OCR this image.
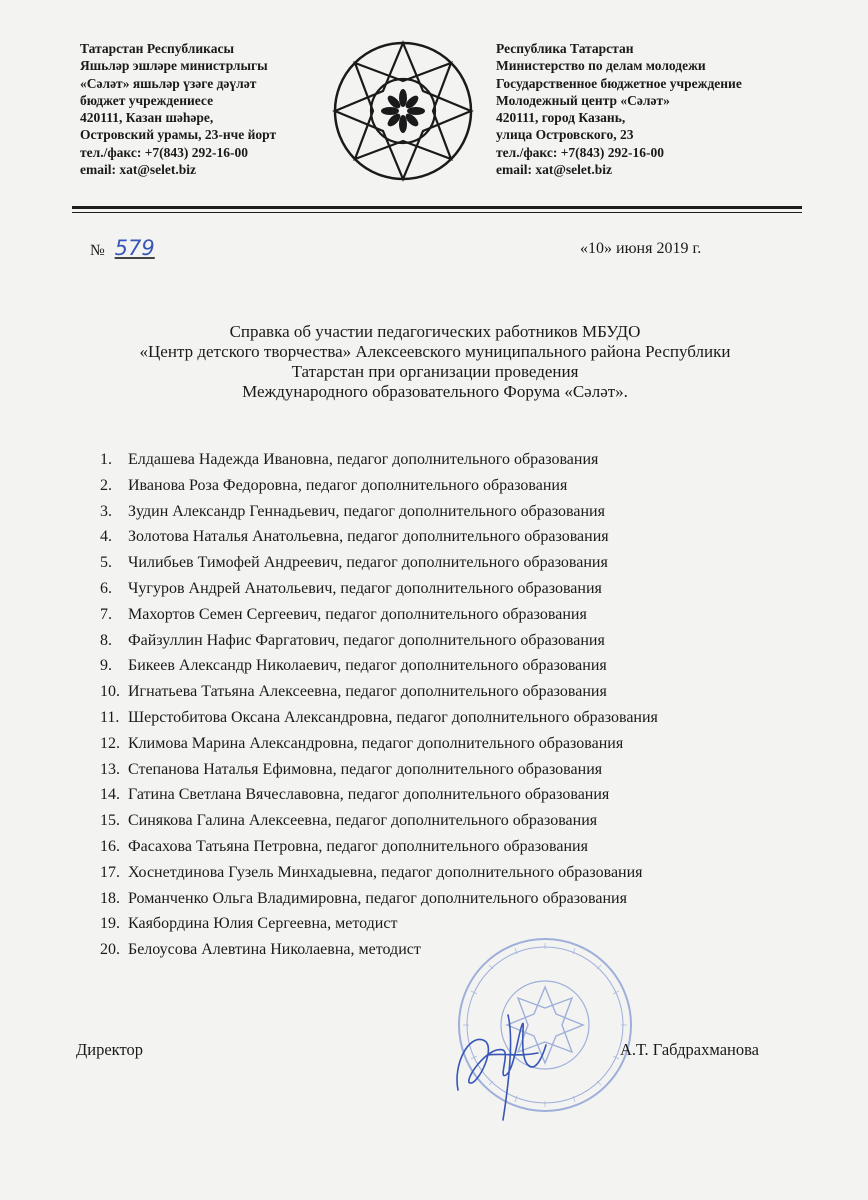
Татарстан Республикасы
Яшьләр эшләре министрлыгы
«Сәләт» яшьләр үзәге дәүләт
бюджет учреждениесе
420111, Казан шәһәре,
Островский урамы, 23-нче йорт
тел./факс: +7(843) 292-16-00
email: xat@selet.biz
Республика Татарстан
Министерство по делам молодежи
Государственное бюджетное учреждение
Молодежный центр «Сәләт»
420111, город Казань,
улица Островского, 23
тел./факс: +7(843) 292-16-00
email: xat@selet.biz
№ 579	«10» июня 2019 г.
Справка об участии педагогических работников МБУДО
«Центр детского творчества» Алексеевского муниципального района Республики
Татарстан при организации проведения
Международного образовательного Форума «Сәләт».
1. Елдашева Надежда Ивановна, педагог дополнительного образования
2. Иванова Роза Федоровна, педагог дополнительного образования
3. Зудин Александр Геннадьевич, педагог дополнительного образования
4. Золотова Наталья Анатольевна, педагог дополнительного образования
5. Чилибьев Тимофей Андреевич, педагог дополнительного образования
6. Чугуров Андрей Анатольевич, педагог дополнительного образования
7. Махортов Семен Сергеевич, педагог дополнительного образования
8. Файзуллин Нафис Фаргатович, педагог дополнительного образования
9. Бикеев Александр Николаевич, педагог дополнительного образования
10. Игнатьева Татьяна Алексеевна, педагог дополнительного образования
11. Шерстобитова Оксана Александровна, педагог дополнительного образования
12. Климова Марина Александровна, педагог дополнительного образования
13. Степанова Наталья Ефимовна, педагог дополнительного образования
14. Гатина Светлана Вячеславовна, педагог дополнительного образования
15. Синякова Галина Алексеевна, педагог дополнительного образования
16. Фасахова Татьяна Петровна, педагог дополнительного образования
17. Хоснетдинова Гузель Минхадыевна, педагог дополнительного образования
18. Романченко Ольга Владимировна, педагог дополнительного образования
19. Каябордина Юлия Сергеевна, методист
20. Белоусова Алевтина Николаевна, методист
Директор	А.Т. Габдрахманова
